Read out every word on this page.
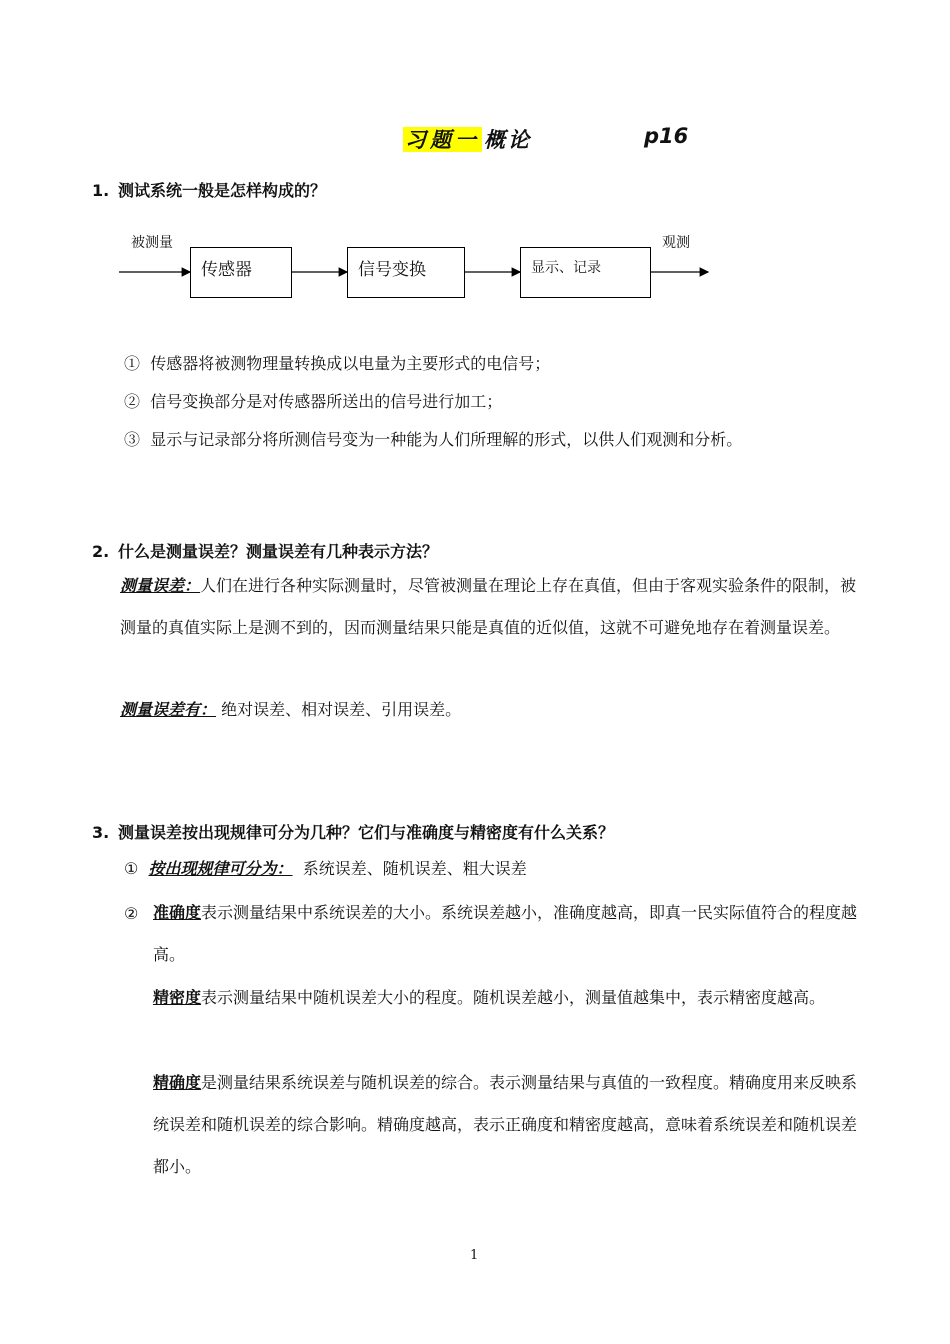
习题一 概论	p16
1. 测试系统一般是怎样构成的？
被测量	观测
传感器	信号变换	显示、记录
① 传感器将被测物理量转换成以电量为主要形式的电信号；
② 信号变换部分是对传感器所送出的信号进行加工；
③ 显示与记录部分将所测信号变为一种能为人们所理解的形式，以供人们观测和分析。
2. 什么是测量误差？测量误差有几种表示方法？
测量误差：人们在进行各种实际测量时，尽管被测量在理论上存在真值，但由于客观实验条件的限制，被测量的真值实际上是测不到的，因而测量结果只能是真值的近似值，这就不可避免地存在着测量误差。
测量误差有： 绝对误差、相对误差、引用误差。
3. 测量误差按出现规律可分为几种？它们与准确度与精密度有什么关系？
① 按出现规律可分为： 系统误差、随机误差、粗大误差
② 准确度表示测量结果中系统误差的大小。系统误差越小，准确度越高，即真一民实际值符合的程度越高。
精密度表示测量结果中随机误差大小的程度。随机误差越小，测量值越集中，表示精密度越高。
精确度是测量结果系统误差与随机误差的综合。表示测量结果与真值的一致程度。精确度用来反映系统误差和随机误差的综合影响。精确度越高，表示正确度和精密度越高，意味着系统误差和随机误差都小。
1
